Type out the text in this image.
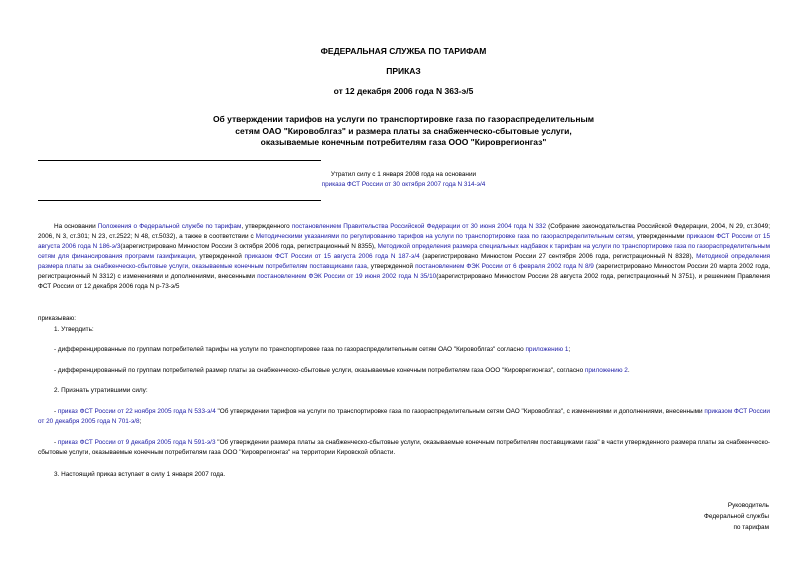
ФЕДЕРАЛЬНАЯ СЛУЖБА ПО ТАРИФАМ
ПРИКАЗ
от 12 декабря 2006 года N 363-э/5
Об утверждении тарифов на услуги по транспортировке газа по газораспределительным
сетям ОАО "Кировоблгаз" и размера платы за снабженческо-сбытовые услуги,
оказываемые конечным потребителям газа ООО "Кироврегионгаз"
Утратил силу с 1 января 2008 года на основании
приказа ФСТ России от 30 октября 2007 года N 314-э/4
На основании Положения о Федеральной службе по тарифам, утвержденного постановлением Правительства Российской Федерации от 30 июня 2004 года N 332 (Собрание законодательства Российской Федерации, 2004, N 29, ст.3049; 2006, N 3, ст.301; N 23, ст.2522; N 48, ст.5032), а также в соответствии с Методическими указаниями по регулированию тарифов на услуги по транспортировке газа по газораспределительным сетям, утвержденными приказом ФСТ России от 15 августа 2006 года N 186-э/3(зарегистрировано Минюстом России 3 октября 2006 года, регистрационный N 8355), Методикой определения размера специальных надбавок к тарифам на услуги по транспортировке газа по газораспределительным сетям для финансирования программ газификации, утвержденной приказом ФСТ России от 15 августа 2006 года N 187-э/4 (зарегистрировано Минюстом России 27 сентября 2006 года, регистрационный N 8328), Методикой определения размера платы за снабженческо-сбытовые услуги, оказываемые конечным потребителям поставщиками газа, утвержденной постановлением ФЭК России от 6 февраля 2002 года N 8/9 (зарегистрировано Минюстом России 20 марта 2002 года, регистрационный N 3312) с изменениями и дополнениями, внесенными постановлением ФЭК России от 19 июня 2002 года N 35/10(зарегистрировано Минюстом России 28 августа 2002 года, регистрационный N 3751), и решением Правления ФСТ России от 12 декабря 2006 года N р-73-э/5
приказываю:
1. Утвердить:
- дифференцированные по группам потребителей тарифы на услуги по транспортировке газа по газораспределительным сетям ОАО "Кировоблгаз" согласно приложению 1;
- дифференцированный по группам потребителей размер платы за снабженческо-сбытовые услуги, оказываемые конечным потребителям газа ООО "Кироврегионгаз", согласно приложению 2.
2. Признать утратившими силу:
- приказ ФСТ России от 22 ноября 2005 года N 533-э/4 "Об утверждении тарифов на услуги по транспортировке газа по газораспределительным сетям ОАО "Кировоблгаз", с изменениями и дополнениями, внесенными приказом ФСТ России от 20 декабря 2005 года N 701-э/8;
- приказ ФСТ России от 9 декабря 2005 года N 591-э/3 "Об утверждении размера платы за снабженческо-сбытовые услуги, оказываемые конечным потребителям поставщиками газа" в части утвержденного размера платы за снабженческо-сбытовые услуги, оказываемые конечным потребителям газа ООО "Кироврегионгаз" на территории Кировской области.
3. Настоящий приказ вступает в силу 1 января 2007 года.
Руководитель
Федеральной службы
по тарифам
